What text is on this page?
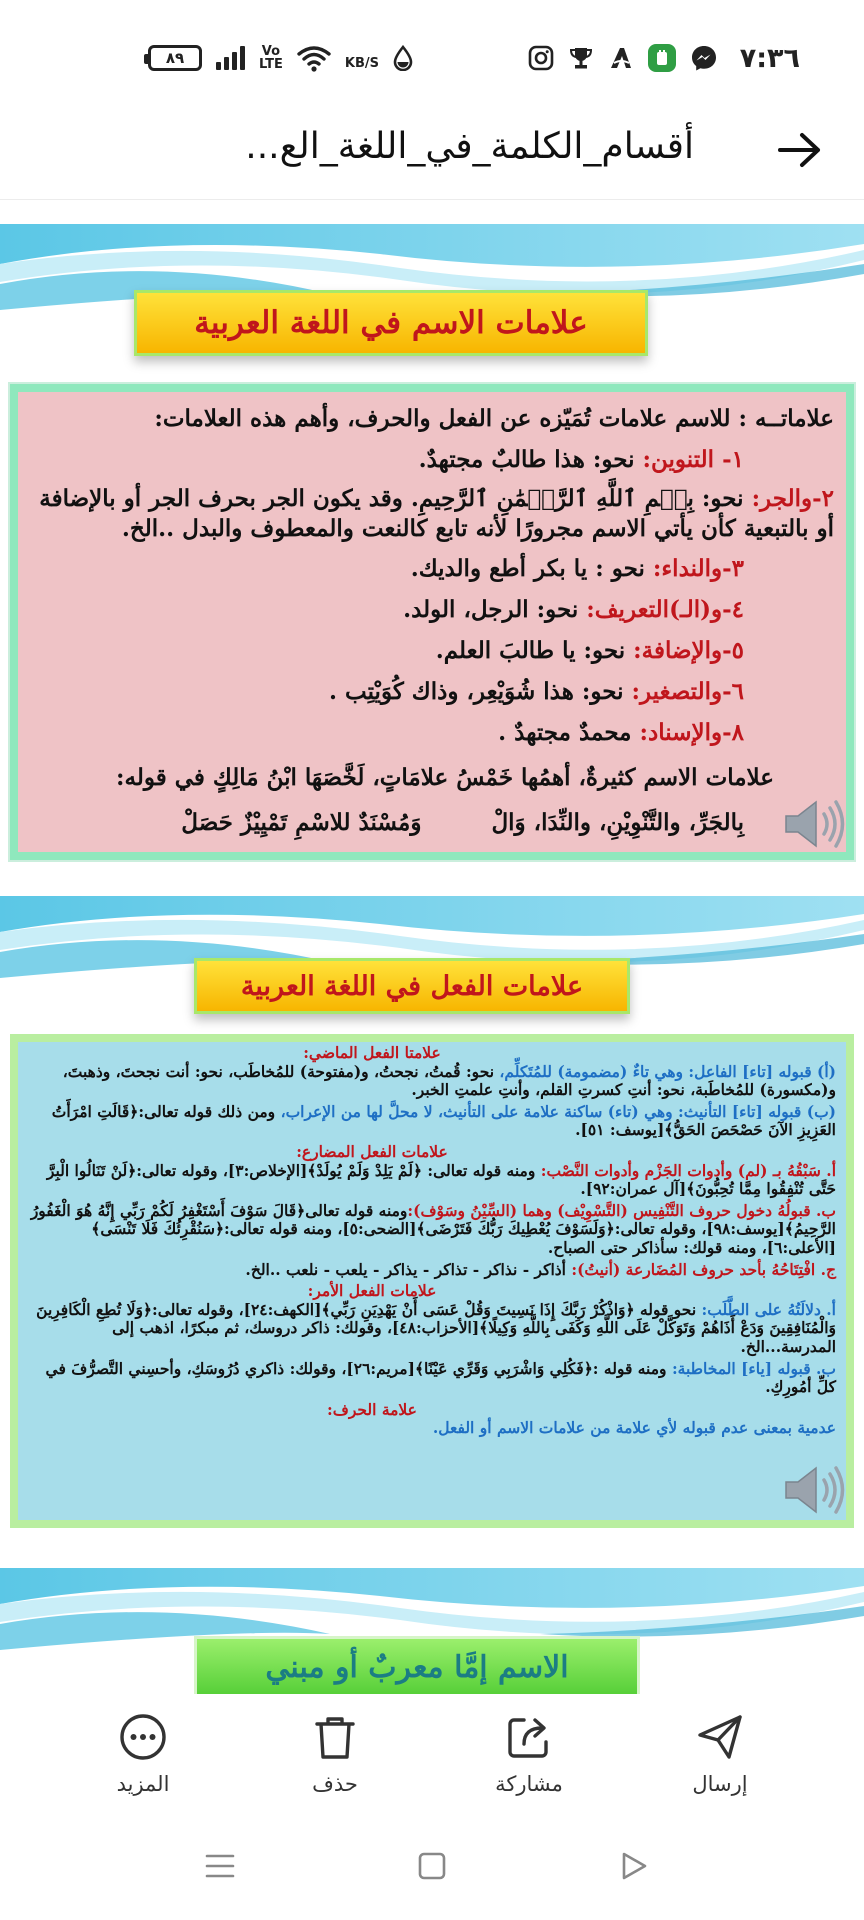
٨٩	Vo
LTE	KB/S	٧:٣٦
أقسام_الكلمة_في_اللغة_الع...
علامات الاسم في اللغة العربية
علاماتــه : للاسم علامات تُمَيّزه عن الفعل والحرف، وأهم هذه العلامات:
١- التنوين: نحو: هذا طالبٌ مجتهدٌ.
٢-والجر: نحو: بِسۡمِ ٱللَّهِ ٱلرَّحۡمَٰنِ ٱلرَّحِيمِ. وقد يكون الجر بحرف الجر أو بالإضافة أو بالتبعية كأن يأتي الاسم مجرورًا لأنه تابع كالنعت والمعطوف والبدل ..الخ.
٣-والنداء: نحو : يا بكر أطع والديك.
٤-و(الـ)التعريف: نحو: الرجل، الولد.
٥-والإضافة: نحو: يا طالبَ العلم.
٦-والتصغير: نحو: هذا شُوَيْعِر، وذاك كُوَيْتِب .
٨-والإسناد: محمدٌ مجتهدٌ .
علامات الاسم كثيرةٌ، أهمُها خَمْسُ علامَاتٍ، لَخَّصَهَا ابْنُ مَالِكٍ في قوله:
بِالجَرِّ، والتَّنْوِيْنِ، والنِّدَا، وَالْ
وَمُسْنَدٌ للاسْمِ تَمْيِيْزٌ حَصَلْ
علامات الفعل في اللغة العربية
علامتا الفعل الماضي:
(أ) قبوله [تاء] الفاعل: وهي تاءٌ (مضمومة) للمُتَكلِّم، نحو: قُمتُ، نجحتُ، و(مفتوحة) للمُخاطَب، نحو: أنت نجحتَ، وذهبتَ، و(مكسورة) للمُخاطَبة، نحو: أنتِ كسرتِ القلم، وأنتِ علمتِ الخبر.
(ب) قبوله [تاء] التأنيث: وهي (تاء) ساكنة علامة على التأنيث، لا محلَّ لها من الإعراب، ومن ذلك قوله تعالى:﴿قَالَتِ امْرَأَتُ العَزِيزِ الآنَ حَصْحَصَ الحَقُّ﴾[يوسف: ٥١].
علامات الفعل المضارع:
أ. سَبْقُهُ بـ (لم) وأدوات الجَزْم وأدوات النَّصْب: ومنه قوله تعالى: ﴿لَمْ يَلِدْ وَلَمْ يُولَدْ﴾[الإخلاص:٣]، وقوله تعالى:﴿لَنْ تَنَالُوا الْبِرَّ حَتَّى تُنْفِقُوا مِمَّا تُحِبُّونَ﴾[آل عمران:٩٢].
ب. قبولُهُ دخول حروف التَّنْفِيس (التَّسْوِيْف) وهما (السِّيْنُ وسَوْف):ومنه قوله تعالى﴿قَالَ سَوْفَ أَسْتَغْفِرُ لَكُمْ رَبِّي إِنَّهُ هُوَ الْغَفُورُ الرَّحِيمُ﴾[يوسف:٩٨]، وقوله تعالى:﴿وَلَسَوْفَ يُعْطِيكَ رَبُّكَ فَتَرْضَى﴾[الضحى:٥]، ومنه قوله تعالى:﴿سَنُقْرِئُكَ فَلَا تَنْسَى﴾[الأعلى:٦]، ومنه قولك: سأذاكر حتى الصباح.
ج. افْتِتَاحُهُ بأحد حروف المُضَارعة (أنيتُ): أذاكر - نذاكر - تذاكر - يذاكر - يلعب - نلعب ..الخ.
علامات الفعل الأمر:
أ. دلالَتُهُ على الطَّلَب: نحو قوله ﴿وَاذْكُرْ رَبَّكَ إِذَا نَسِيتَ وَقُلْ عَسَى أَنْ يَهْدِيَنِ رَبِّي﴾[الكهف:٢٤]، وقوله تعالى:﴿وَلَا تُطِعِ الْكَافِرِينَ وَالْمُنَافِقِينَ وَدَعْ أَذَاهُمْ وَتَوَكَّلْ عَلَى اللَّهِ وَكَفَى بِاللَّهِ وَكِيلًا﴾[الأحزاب:٤٨]، وقولك: ذاكر دروسك، ثم مبكرًا، اذهب إلى المدرسة...الخ.
ب. قبوله [ياء] المخاطبة: ومنه قوله :﴿فَكُلِي وَاشْرَبِي وَقَرِّي عَيْنًا﴾[مريم:٢٦]، وقولك: ذاكري دُرُوسَكِ، وأحسِني التَّصرُّفَ في كلِّ أمُورِكِ.
علامة الحرف:
عدمية بمعنى عدم قبوله لأي علامة من علامات الاسم أو الفعل.
الاسم إمَّا معربٌ أو مبني
إرسال
مشاركة
حذف
المزيد
